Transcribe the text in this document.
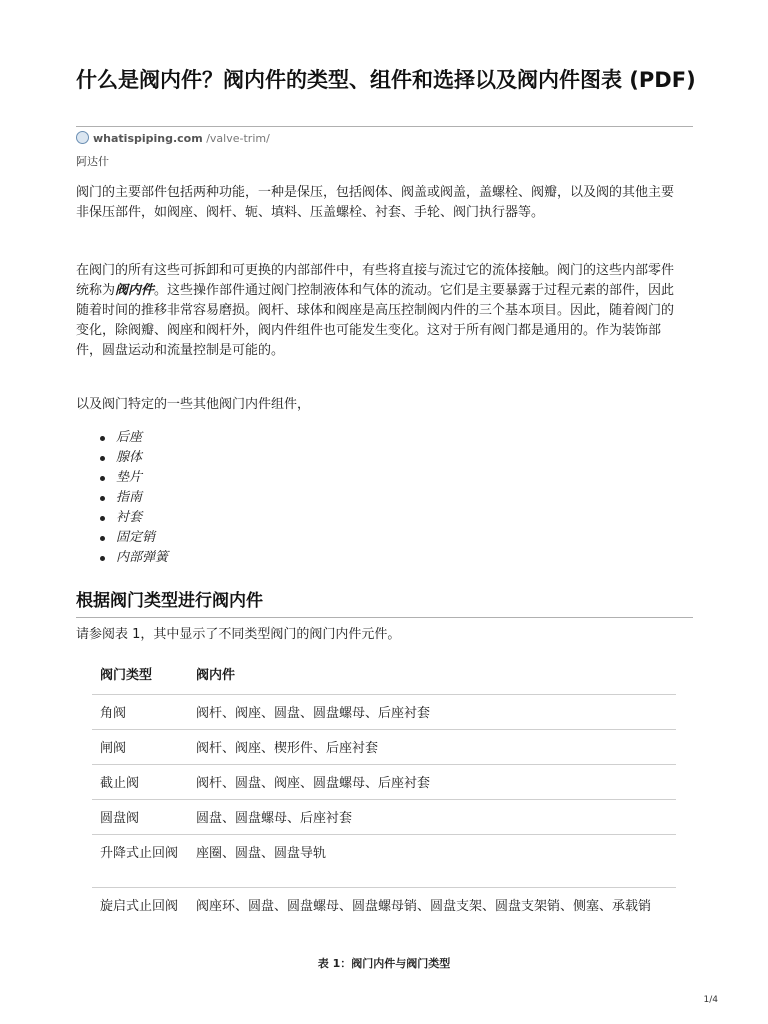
什么是阀内件？阀内件的类型、组件和选择以及阀内件图表 (PDF)
whatispiping.com /valve-trim/
阿达什

阀门的主要部件包括两种功能，一种是保压，包括阀体、阀盖或阀盖，盖螺栓、阀瓣，以及阀的其他主要非保压部件，如阀座、阀杆、轭、填料、压盖螺栓、衬套、手轮、阀门执行器等。

在阀门的所有这些可拆卸和可更换的内部部件中，有些将直接与流过它的流体接触。阀门的这些内部零件统称为阀内件。这些操作部件通过阀门控制液体和气体的流动。它们是主要暴露于过程元素的部件，因此随着时间的推移非常容易磨损。阀杆、球体和阀座是高压控制阀内件的三个基本项目。因此，随着阀门的变化，除阀瓣、阀座和阀杆外，阀内件组件也可能发生变化。这对于所有阀门都是通用的。作为装饰部件，圆盘运动和流量控制是可能的。

以及阀门特定的一些其他阀门内件组件，

后座
腺体
垫片
指南
衬套
固定销
内部弹簧
根据阀门类型进行阀内件

请参阅表 1，其中显示了不同类型阀门的阀门内件元件。

阀门类型	阀内件
角阀	阀杆、阀座、圆盘、圆盘螺母、后座衬套
闸阀	阀杆、阀座、楔形件、后座衬套
截止阀	阀杆、圆盘、阀座、圆盘螺母、后座衬套
圆盘阀	圆盘、圆盘螺母、后座衬套
升降式止回阀	座圈、圆盘、圆盘导轨
旋启式止回阀	阀座环、圆盘、圆盘螺母、圆盘螺母销、圆盘支架、圆盘支架销、侧塞、承载销
表 1：阀门内件与阀门类型
1/4
